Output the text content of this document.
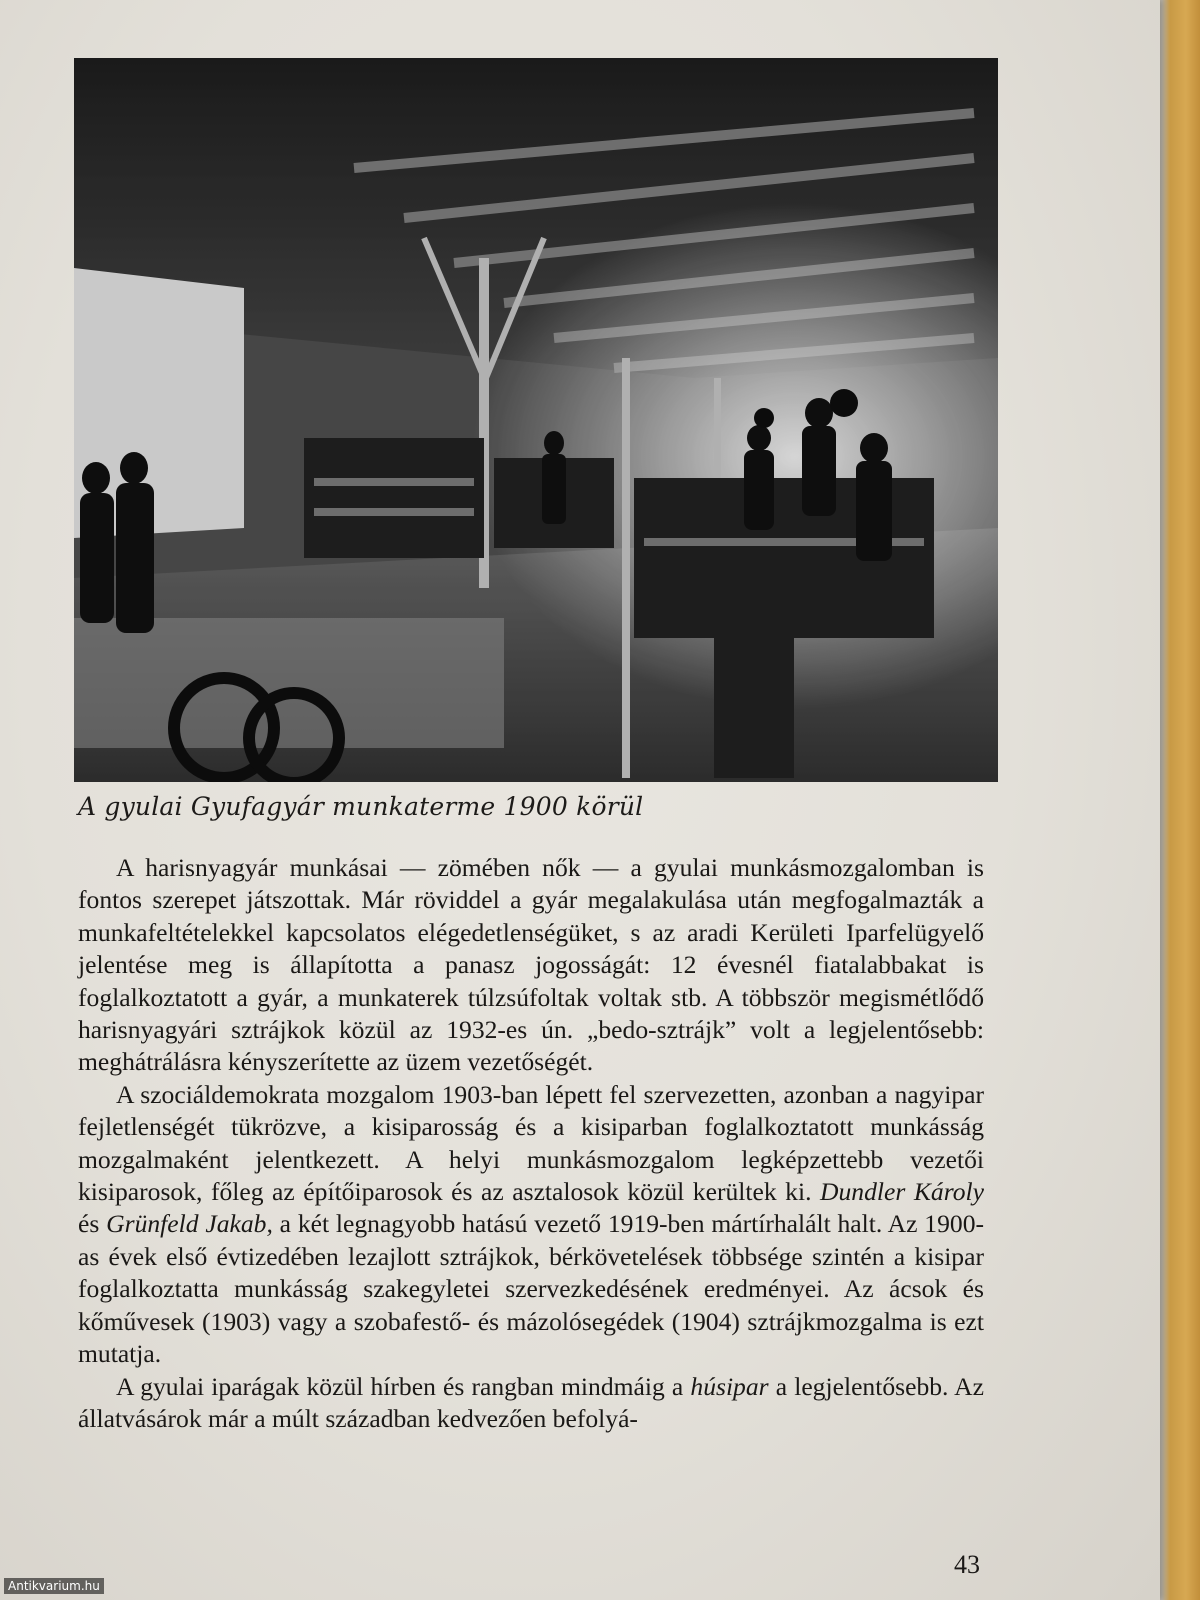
A gyulai Gyufagyár munkaterme 1900 körül

A harisnyagyár munkásai — zömében nők — a gyulai munkásmozgalomban is fontos szerepet játszottak. Már röviddel a gyár megalakulása után megfogalmazták a munkafeltételekkel kapcsolatos elégedetlenségüket, s az aradi Kerületi Iparfelügyelő jelentése meg is állapította a panasz jogosságát: 12 évesnél fiatalabbakat is foglalkoztatott a gyár, a munkaterek túlzsúfoltak voltak stb. A többször megismétlődő harisnyagyári sztrájkok közül az 1932-es ún. „bedo-sztrájk” volt a legjelentősebb: meghátrálásra kényszerítette az üzem vezetőségét.

A szociáldemokrata mozgalom 1903-ban lépett fel szervezetten, azonban a nagyipar fejletlenségét tükrözve, a kisiparosság és a kisiparban foglalkoztatott munkásság mozgalmaként jelentkezett. A helyi munkásmozgalom legképzettebb vezetői kisiparosok, főleg az építőiparosok és az asztalosok közül kerültek ki. Dundler Károly és Grünfeld Jakab, a két legnagyobb hatású vezető 1919-ben mártírhalált halt. Az 1900-as évek első évtizedében lezajlott sztrájkok, bérkövetelések többsége szintén a kisipar foglalkoztatta munkásság szakegyletei szervezkedésének eredményei. Az ácsok és kőművesek (1903) vagy a szobafestő- és mázolósegédek (1904) sztrájkmozgalma is ezt mutatja.

A gyulai iparágak közül hírben és rangban mindmáig a húsipar a legjelentősebb. Az állatvásárok már a múlt században kedvezően befolyá-

43
Antikvarium.hu
